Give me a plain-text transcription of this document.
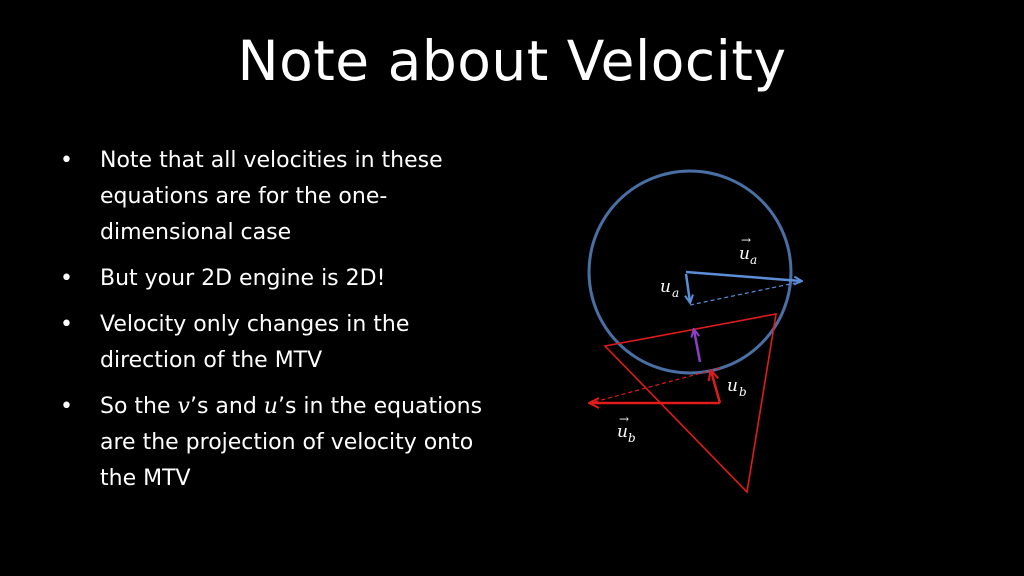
Note about Velocity
• Note that all velocities in these equations are for the one-dimensional case
• But your 2D engine is 2D!
• Velocity only changes in the direction of the MTV
• So the v’s and u’s in the equations are the projection of velocity onto the MTV
→
u a
u a
u b
→
u b
